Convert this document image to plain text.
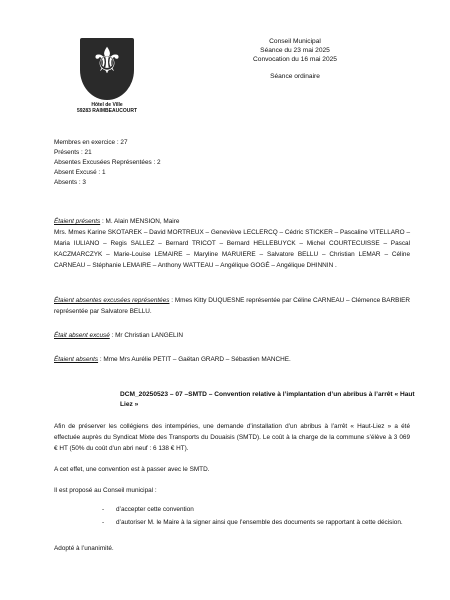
⚜
Hôtel de Ville
59283 RAIMBEAUCOURT
Conseil Municipal
Séance du 23 mai 2025
Convocation du 16 mai 2025
Séance ordinaire
Membres en exercice : 27
Présents : 21
Absentes Excusées Représentées : 2
Absent Excusé : 1
Absents : 3
Étaient présents : M. Alain MENSION, Maire
Mrs. Mmes Karine SKOTAREK – David MORTREUX – Geneviève LECLERCQ – Cédric STICKER – Pascaline VITELLARO – Maria IULIANO – Regis SALLEZ – Bernard TRICOT – Bernard HELLEBUYCK – Michel COURTECUISSE – Pascal KACZMARCZYK – Marie-Louise LEMAIRE – Maryline MARUIERE – Salvatore BELLU – Christian LEMAR – Céline CARNEAU – Stéphanie LEMAIRE – Anthony WATTEAU – Angélique GOGÉ – Angélique DHINNIN .
Étaient absentes excusées représentées : Mmes Kitty DUQUESNE représentée par Céline CARNEAU – Clémence BARBIER représentée par Salvatore BELLU.
Était absent excusé : Mr Christian LANGELIN
Étaient absents : Mme Mrs Aurélie PETIT – Gaëtan GRARD – Sébastien MANCHE.
DCM_20250523 – 07 –SMTD – Convention relative à l’implantation d’un abribus à l’arrêt « Haut Liez »
Afin de préserver les collégiens des intempéries, une demande d’installation d’un abribus à l’arrêt « Haut-Liez » a été effectuée auprès du Syndicat Mixte des Transports du Douaisis (SMTD). Le coût à la charge de la commune s’élève à 3 069 € HT (50% du coût d’un abri neuf : 6 138 € HT).
A cet effet, une convention est à passer avec le SMTD.
Il est proposé au Conseil municipal :
-	d’accepter cette convention
-	d’autoriser M. le Maire à la signer ainsi que l’ensemble des documents se rapportant à cette décision.
Adopté à l’unanimité.
